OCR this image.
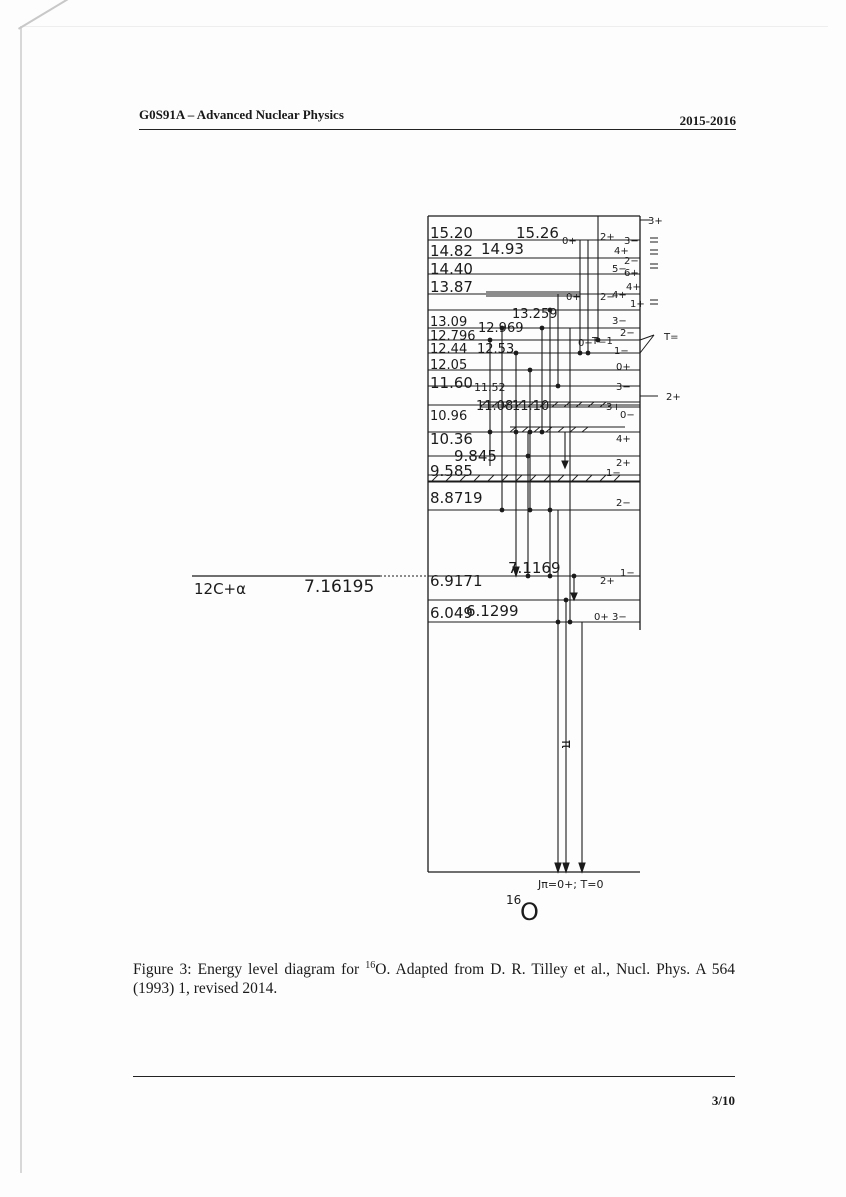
G0S91A – Advanced Nuclear Physics	2015-2016
15.20
14.93
15.26
14.82
14.40
13.87
13.259
13.09 12.969
12.796
12.44 12.53
12.05
11.60 11.52
10.96
11.08
11.10
10.36
9.845
9.585
8.8719
7.1169
6.9171
6.049
6.1299
3+
2+ 3−
0+
2−
5−
6+
4+
4+
1+
3−
2−
T=1
1−
0−
0+
3−
2+
3+
0−
4+
2+
1−
2−
2+
1−
0+ 3−
T=
0+ 2−
4+
12C+α	7.16195
π
Jπ=0+; T=0
16
O

Figure 3: Energy level diagram for $^{16}$O. Adapted from D. R. Tilley et al., Nucl. Phys. A 564 (1993) 1, revised 2014.

3/10
